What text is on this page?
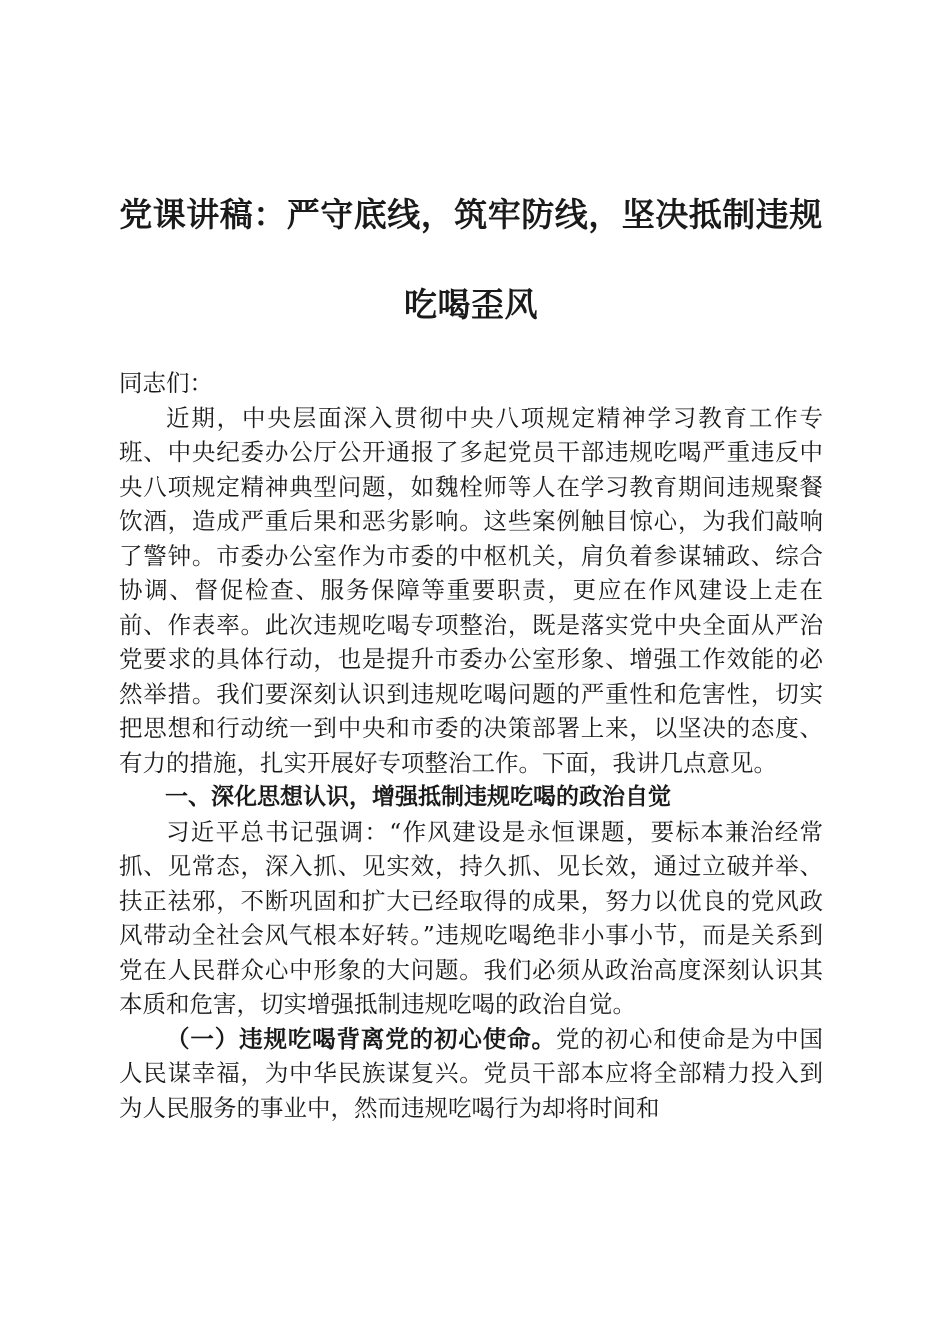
党课讲稿：严守底线，筑牢防线，坚决抵制违规吃喝歪风

同志们：

近期，中央层面深入贯彻中央八项规定精神学习教育工作专班、中央纪委办公厅公开通报了多起党员干部违规吃喝严重违反中央八项规定精神典型问题，如魏栓师等人在学习教育期间违规聚餐饮酒，造成严重后果和恶劣影响。这些案例触目惊心，为我们敲响了警钟。市委办公室作为市委的中枢机关，肩负着参谋辅政、综合协调、督促检查、服务保障等重要职责，更应在作风建设上走在前、作表率。此次违规吃喝专项整治，既是落实党中央全面从严治党要求的具体行动，也是提升市委办公室形象、增强工作效能的必然举措。我们要深刻认识到违规吃喝问题的严重性和危害性，切实把思想和行动统一到中央和市委的决策部署上来，以坚决的态度、有力的措施，扎实开展好专项整治工作。下面，我讲几点意见。

一、深化思想认识，增强抵制违规吃喝的政治自觉

习近平总书记强调：“作风建设是永恒课题，要标本兼治经常抓、见常态，深入抓、见实效，持久抓、见长效，通过立破并举、扶正祛邪，不断巩固和扩大已经取得的成果，努力以优良的党风政风带动全社会风气根本好转。”违规吃喝绝非小事小节，而是关系到党在人民群众心中形象的大问题。我们必须从政治高度深刻认识其本质和危害，切实增强抵制违规吃喝的政治自觉。

（一）违规吃喝背离党的初心使命。党的初心和使命是为中国人民谋幸福，为中华民族谋复兴。党员干部本应将全部精力投入到为人民服务的事业中，然而违规吃喝行为却将时间和
